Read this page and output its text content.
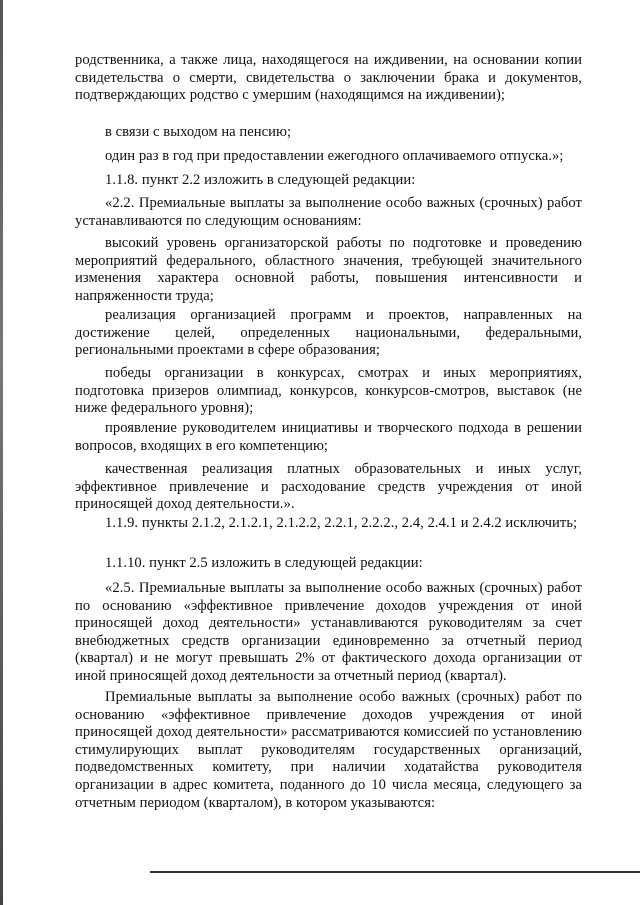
родственника, а также лица, находящегося на иждивении, на основании копии свидетельства о смерти, свидетельства о заключении брака и документов, подтверждающих родство с умершим (находящимся на иждивении);

в связи с выходом на пенсию;

один раз в год при предоставлении ежегодного оплачиваемого отпуска.»;

1.1.8. пункт 2.2 изложить в следующей редакции:

«2.2. Премиальные выплаты за выполнение особо важных (срочных) работ устанавливаются по следующим основаниям:

высокий уровень организаторской работы по подготовке и проведению мероприятий федерального, областного значения, требующей значительного изменения характера основной работы, повышения интенсивности и напряженности труда;

реализация организацией программ и проектов, направленных на достижение целей, определенных национальными, федеральными, региональными проектами в сфере образования;

победы организации в конкурсах, смотрах и иных мероприятиях, подготовка призеров олимпиад, конкурсов, конкурсов-смотров, выставок (не ниже федерального уровня);

проявление руководителем инициативы и творческого подхода в решении вопросов, входящих в его компетенцию;

качественная реализация платных образовательных и иных услуг, эффективное привлечение и расходование средств учреждения от иной приносящей доход деятельности.».

1.1.9. пункты 2.1.2, 2.1.2.1, 2.1.2.2, 2.2.1, 2.2.2., 2.4, 2.4.1 и 2.4.2 исключить;

1.1.10. пункт 2.5 изложить в следующей редакции:

«2.5. Премиальные выплаты за выполнение особо важных (срочных) работ по основанию «эффективное привлечение доходов учреждения от иной приносящей доход деятельности» устанавливаются руководителям за счет внебюджетных средств организации единовременно за отчетный период (квартал) и не могут превышать 2% от фактического дохода организации от иной приносящей доход деятельности за отчетный период (квартал).

Премиальные выплаты за выполнение особо важных (срочных) работ по основанию «эффективное привлечение доходов учреждения от иной приносящей доход деятельности» рассматриваются комиссией по установлению стимулирующих выплат руководителям государственных организаций, подведомственных комитету, при наличии ходатайства руководителя организации в адрес комитета, поданного до 10 числа месяца, следующего за отчетным периодом (кварталом), в котором указываются:
